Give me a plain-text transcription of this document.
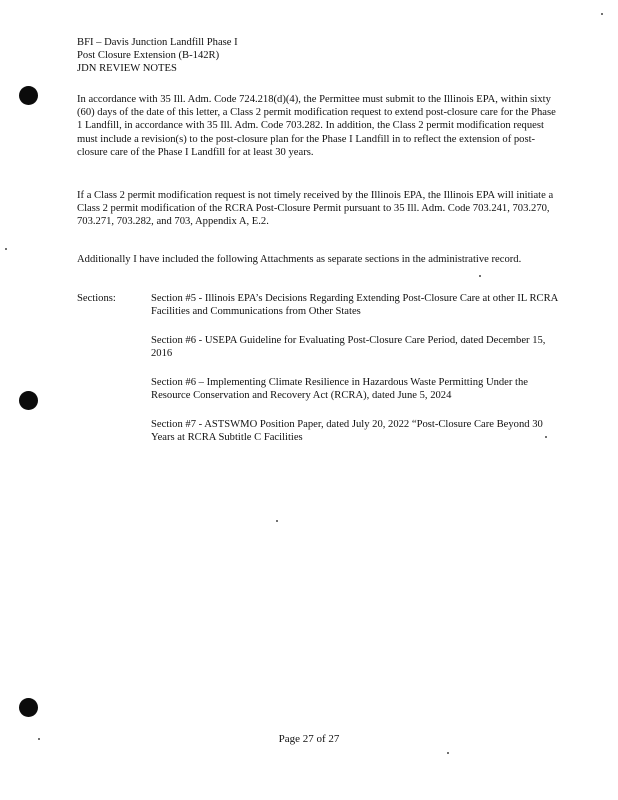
BFI – Davis Junction Landfill Phase I
Post Closure Extension (B-142R)
JDN REVIEW NOTES
In accordance with 35 Ill. Adm. Code 724.218(d)(4), the Permittee must submit to the Illinois EPA, within sixty (60) days of the date of this letter, a Class 2 permit modification request to extend post-closure care for the Phase 1 Landfill, in accordance with 35 Ill. Adm. Code 703.282. In addition, the Class 2 permit modification request must include a revision(s) to the post-closure plan for the Phase I Landfill in to reflect the extension of post-closure care of the Phase I Landfill for at least 30 years.
If a Class 2 permit modification request is not timely received by the Illinois EPA, the Illinois EPA will initiate a Class 2 permit modification of the RCRA Post-Closure Permit pursuant to 35 Ill. Adm. Code 703.241, 703.270, 703.271, 703.282, and 703, Appendix A, E.2.
Additionally I have included the following Attachments as separate sections in the administrative record.
Sections:	Section #5 - Illinois EPA’s Decisions Regarding Extending Post-Closure Care at other IL RCRA Facilities and Communications from Other States
Section #6 - USEPA Guideline for Evaluating Post-Closure Care Period, dated December 15, 2016
Section #6 – Implementing Climate Resilience in Hazardous Waste Permitting Under the Resource Conservation and Recovery Act (RCRA), dated June 5, 2024
Section #7 - ASTSWMO Position Paper, dated July 20, 2022 “Post-Closure Care Beyond 30 Years at RCRA Subtitle C Facilities
Page 27 of 27
